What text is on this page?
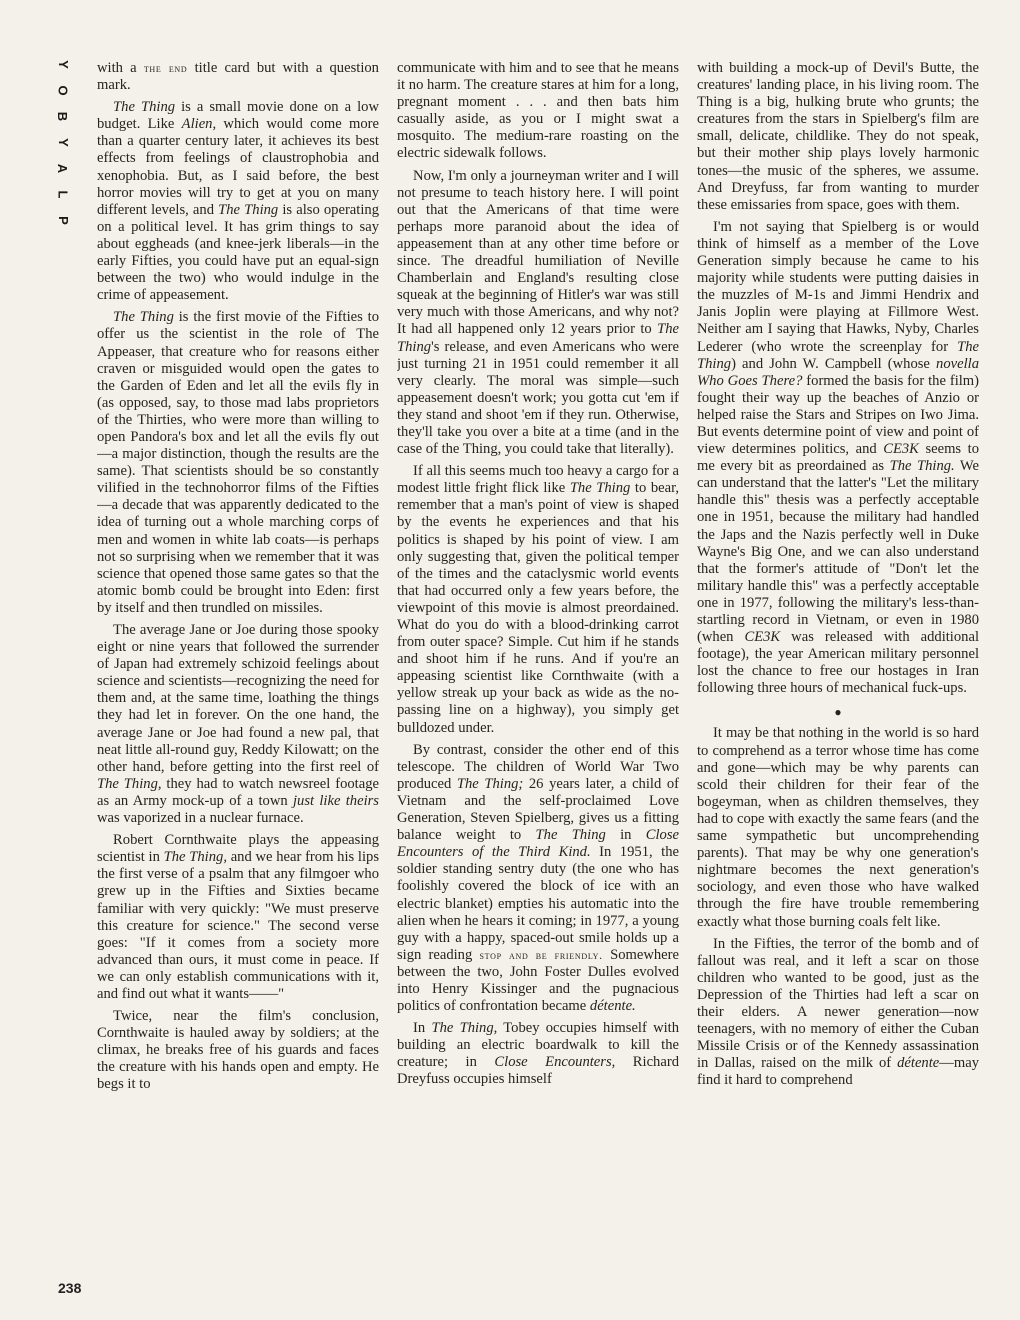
Y
O
B
Y
A
L
P

with a the end title card but with a question mark.

The Thing is a small movie done on a low budget. Like Alien, which would come more than a quarter century later, it achieves its best effects from feelings of claustrophobia and xenophobia. But, as I said before, the best horror movies will try to get at you on many different levels, and The Thing is also operating on a political level. It has grim things to say about eggheads (and knee-jerk liberals—in the early Fifties, you could have put an equal-sign between the two) who would indulge in the crime of appeasement.

The Thing is the first movie of the Fifties to offer us the scientist in the role of The Appeaser, that creature who for reasons either craven or misguided would open the gates to the Garden of Eden and let all the evils fly in (as opposed, say, to those mad labs proprietors of the Thirties, who were more than willing to open Pandora's box and let all the evils fly out—a major distinction, though the results are the same). That scientists should be so constantly vilified in the technohorror films of the Fifties—a decade that was apparently dedicated to the idea of turning out a whole marching corps of men and women in white lab coats—is perhaps not so surprising when we remember that it was science that opened those same gates so that the atomic bomb could be brought into Eden: first by itself and then trundled on missiles.

The average Jane or Joe during those spooky eight or nine years that followed the surrender of Japan had extremely schizoid feelings about science and scientists—recognizing the need for them and, at the same time, loathing the things they had let in forever. On the one hand, the average Jane or Joe had found a new pal, that neat little all-round guy, Reddy Kilowatt; on the other hand, before getting into the first reel of The Thing, they had to watch newsreel footage as an Army mock-up of a town just like theirs was vaporized in a nuclear furnace.

Robert Cornthwaite plays the appeasing scientist in The Thing, and we hear from his lips the first verse of a psalm that any filmgoer who grew up in the Fifties and Sixties became familiar with very quickly: "We must preserve this creature for science." The second verse goes: "If it comes from a society more advanced than ours, it must come in peace. If we can only establish communications with it, and find out what it wants——"

Twice, near the film's conclusion, Cornthwaite is hauled away by soldiers; at the climax, he breaks free of his guards and faces the creature with his hands open and empty. He begs it to

communicate with him and to see that he means it no harm. The creature stares at him for a long, pregnant moment . . . and then bats him casually aside, as you or I might swat a mosquito. The medium-rare roasting on the electric sidewalk follows.

Now, I'm only a journeyman writer and I will not presume to teach history here. I will point out that the Americans of that time were perhaps more paranoid about the idea of appeasement than at any other time before or since. The dreadful humiliation of Neville Chamberlain and England's resulting close squeak at the beginning of Hitler's war was still very much with those Americans, and why not? It had all happened only 12 years prior to The Thing's release, and even Americans who were just turning 21 in 1951 could remember it all very clearly. The moral was simple—such appeasement doesn't work; you gotta cut 'em if they stand and shoot 'em if they run. Otherwise, they'll take you over a bite at a time (and in the case of the Thing, you could take that literally).

If all this seems much too heavy a cargo for a modest little fright flick like The Thing to bear, remember that a man's point of view is shaped by the events he experiences and that his politics is shaped by his point of view. I am only suggesting that, given the political temper of the times and the cataclysmic world events that had occurred only a few years before, the viewpoint of this movie is almost preordained. What do you do with a blood-drinking carrot from outer space? Simple. Cut him if he stands and shoot him if he runs. And if you're an appeasing scientist like Cornthwaite (with a yellow streak up your back as wide as the no-passing line on a highway), you simply get bulldozed under.

By contrast, consider the other end of this telescope. The children of World War Two produced The Thing; 26 years later, a child of Vietnam and the self-proclaimed Love Generation, Steven Spielberg, gives us a fitting balance weight to The Thing in Close Encounters of the Third Kind. In 1951, the soldier standing sentry duty (the one who has foolishly covered the block of ice with an electric blanket) empties his automatic into the alien when he hears it coming; in 1977, a young guy with a happy, spaced-out smile holds up a sign reading stop and be friendly. Somewhere between the two, John Foster Dulles evolved into Henry Kissinger and the pugnacious politics of confrontation became détente.

In The Thing, Tobey occupies himself with building an electric boardwalk to kill the creature; in Close Encounters, Richard Dreyfuss occupies himself

with building a mock-up of Devil's Butte, the creatures' landing place, in his living room. The Thing is a big, hulking brute who grunts; the creatures from the stars in Spielberg's film are small, delicate, childlike. They do not speak, but their mother ship plays lovely harmonic tones—the music of the spheres, we assume. And Dreyfuss, far from wanting to murder these emissaries from space, goes with them.

I'm not saying that Spielberg is or would think of himself as a member of the Love Generation simply because he came to his majority while students were putting daisies in the muzzles of M-1s and Jimmi Hendrix and Janis Joplin were playing at Fillmore West. Neither am I saying that Hawks, Nyby, Charles Lederer (who wrote the screenplay for The Thing) and John W. Campbell (whose novella Who Goes There? formed the basis for the film) fought their way up the beaches of Anzio or helped raise the Stars and Stripes on Iwo Jima. But events determine point of view and point of view determines politics, and CE3K seems to me every bit as preordained as The Thing. We can understand that the latter's "Let the military handle this" thesis was a perfectly acceptable one in 1951, because the military had handled the Japs and the Nazis perfectly well in Duke Wayne's Big One, and we can also understand that the former's attitude of "Don't let the military handle this" was a perfectly acceptable one in 1977, following the military's less-than-startling record in Vietnam, or even in 1980 (when CE3K was released with additional footage), the year American military personnel lost the chance to free our hostages in Iran following three hours of mechanical fuck-ups.

●

It may be that nothing in the world is so hard to comprehend as a terror whose time has come and gone—which may be why parents can scold their children for their fear of the bogeyman, when as children themselves, they had to cope with exactly the same fears (and the same sympathetic but uncomprehending parents). That may be why one generation's nightmare becomes the next generation's sociology, and even those who have walked through the fire have trouble remembering exactly what those burning coals felt like.

In the Fifties, the terror of the bomb and of fallout was real, and it left a scar on those children who wanted to be good, just as the Depression of the Thirties had left a scar on their elders. A newer generation—now teenagers, with no memory of either the Cuban Missile Crisis or of the Kennedy assassination in Dallas, raised on the milk of détente—may find it hard to comprehend

238
